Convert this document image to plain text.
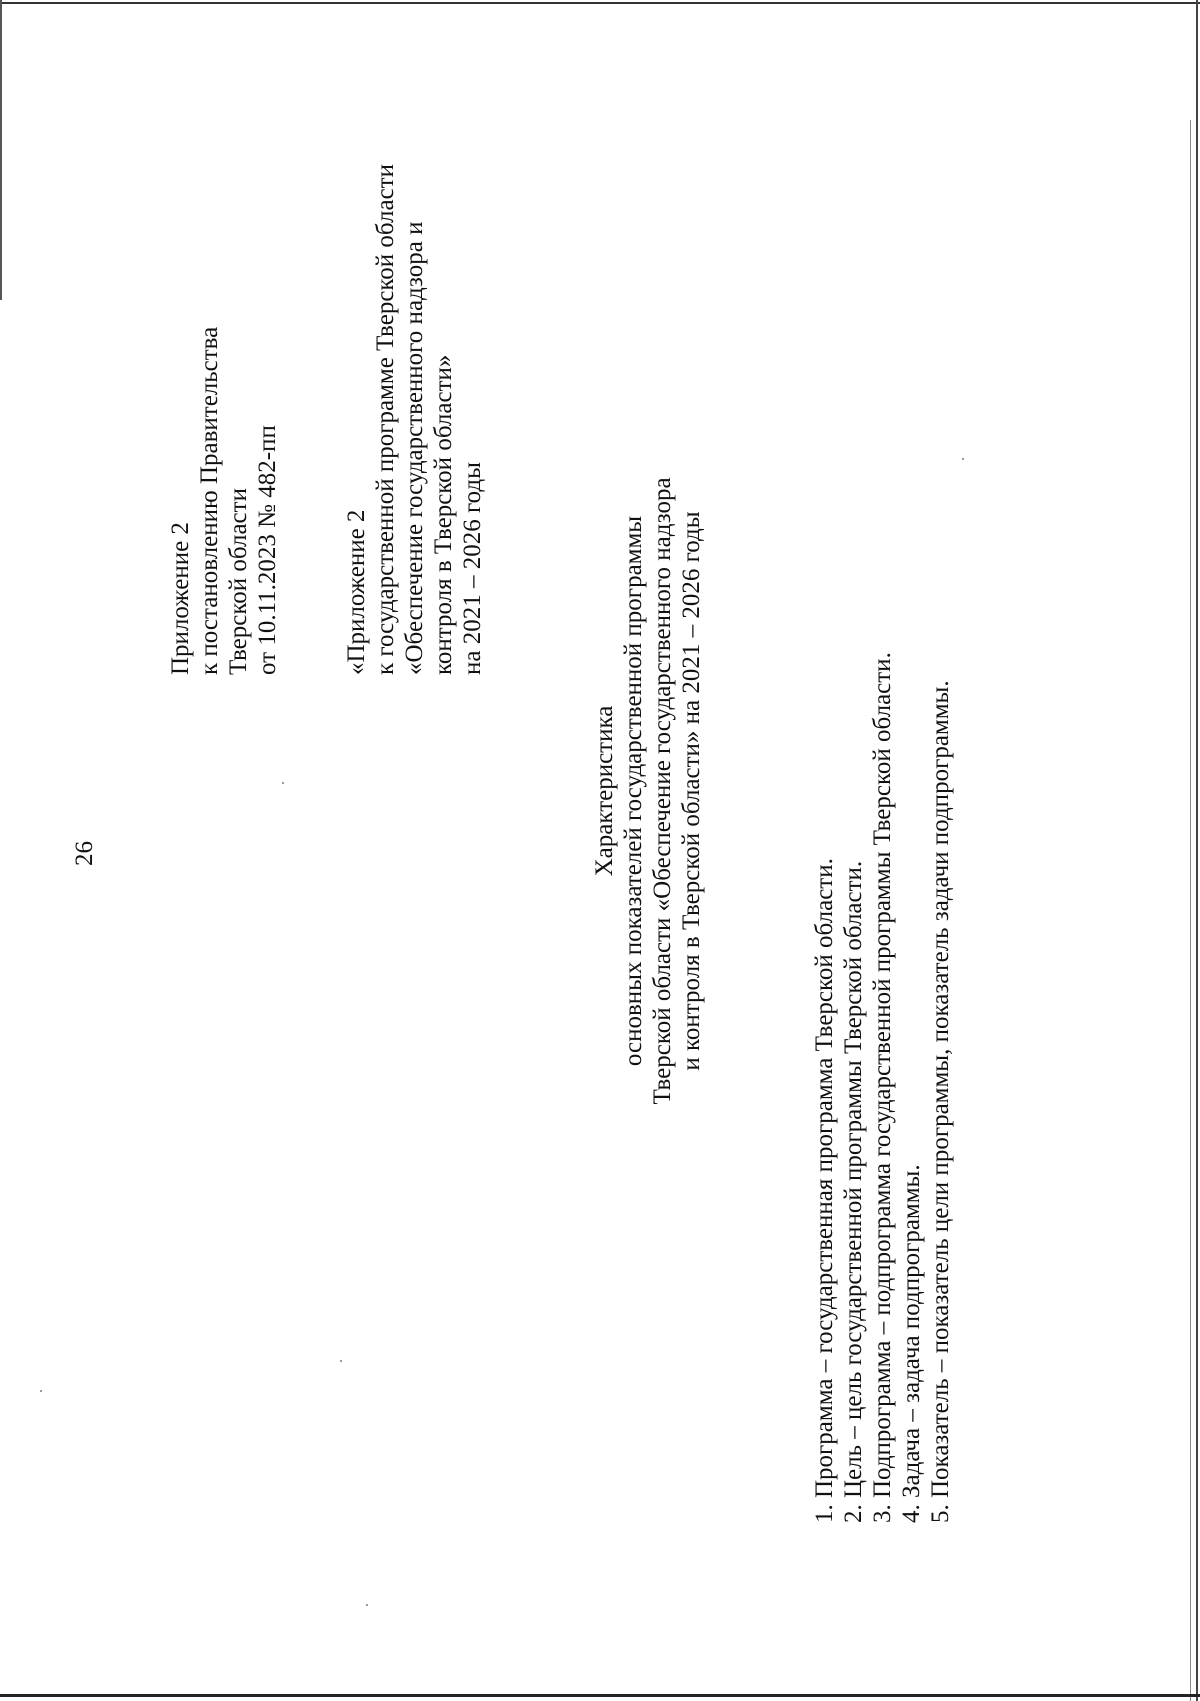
26
Приложение 2 к постановлению Правительства Тверской области от 10.11.2023 № 482-пп «Приложение 2 к государственной программе Тверской области «Обеспечение государственного надзора и контроля в Тверской области» на 2021 – 2026 годы
Характеристика основных показателей государственной программы Тверской области «Обеспечение государственного надзора и контроля в Тверской области» на 2021 – 2026 годы
1. Программа – государственная программа Тверской области. 2. Цель – цель государственной программы Тверской области. 3. Подпрограмма – подпрограмма государственной программы Тверской области. 4. Задача – задача подпрограммы. 5. Показатель – показатель цели программы, показатель задачи подпрограммы.
